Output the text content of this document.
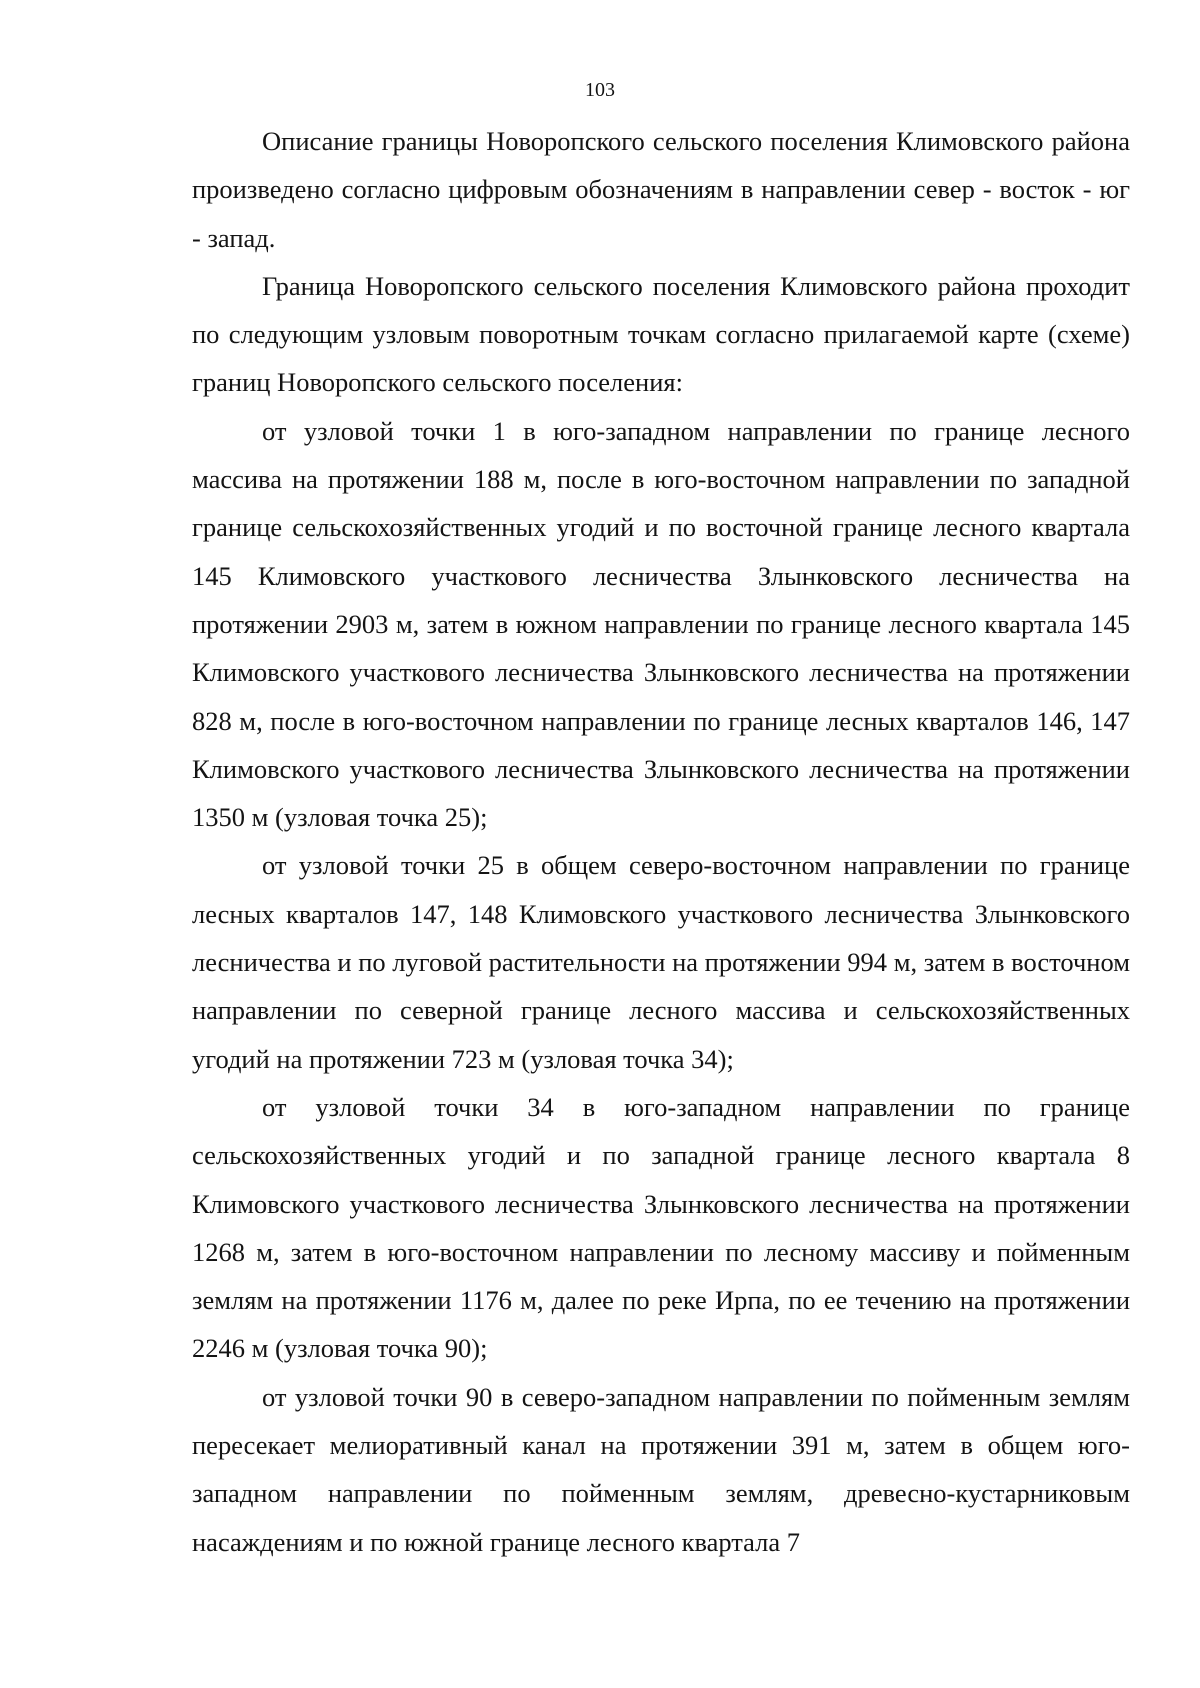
103

Описание границы Новоропского сельского поселения Климовского района произведено согласно цифровым обозначениям в направлении север - восток - юг - запад.

Граница Новоропского сельского поселения Климовского района проходит по следующим узловым поворотным точкам согласно прилагаемой карте (схеме) границ Новоропского сельского поселения:

от узловой точки 1 в юго-западном направлении по границе лесного массива на протяжении 188 м, после в юго-восточном направлении по западной границе сельскохозяйственных угодий и по восточной границе лесного квартала 145 Климовского участкового лесничества Злынковского лесничества на протяжении 2903 м, затем в южном направлении по границе лесного квартала 145 Климовского участкового лесничества Злынковского лесничества на протяжении 828 м, после в юго-восточном направлении по границе лесных кварталов 146, 147 Климовского участкового лесничества Злынковского лесничества на протяжении 1350 м (узловая точка 25);

от узловой точки 25 в общем северо-восточном направлении по границе лесных кварталов 147, 148 Климовского участкового лесничества Злынковского лесничества и по луговой растительности на протяжении 994 м, затем в восточном направлении по северной границе лесного массива и сельскохозяйственных угодий на протяжении 723 м (узловая точка 34);

от узловой точки 34 в юго-западном направлении по границе сельскохозяйственных угодий и по западной границе лесного квартала 8 Климовского участкового лесничества Злынковского лесничества на протяжении 1268 м, затем в юго-восточном направлении по лесному массиву и пойменным землям на протяжении 1176 м, далее по реке Ирпа, по ее течению на протяжении 2246 м (узловая точка 90);

от узловой точки 90 в северо-западном направлении по пойменным землям пересекает мелиоративный канал на протяжении 391 м, затем в общем юго-западном направлении по пойменным землям, древесно-кустарниковым насаждениям и по южной границе лесного квартала 7
